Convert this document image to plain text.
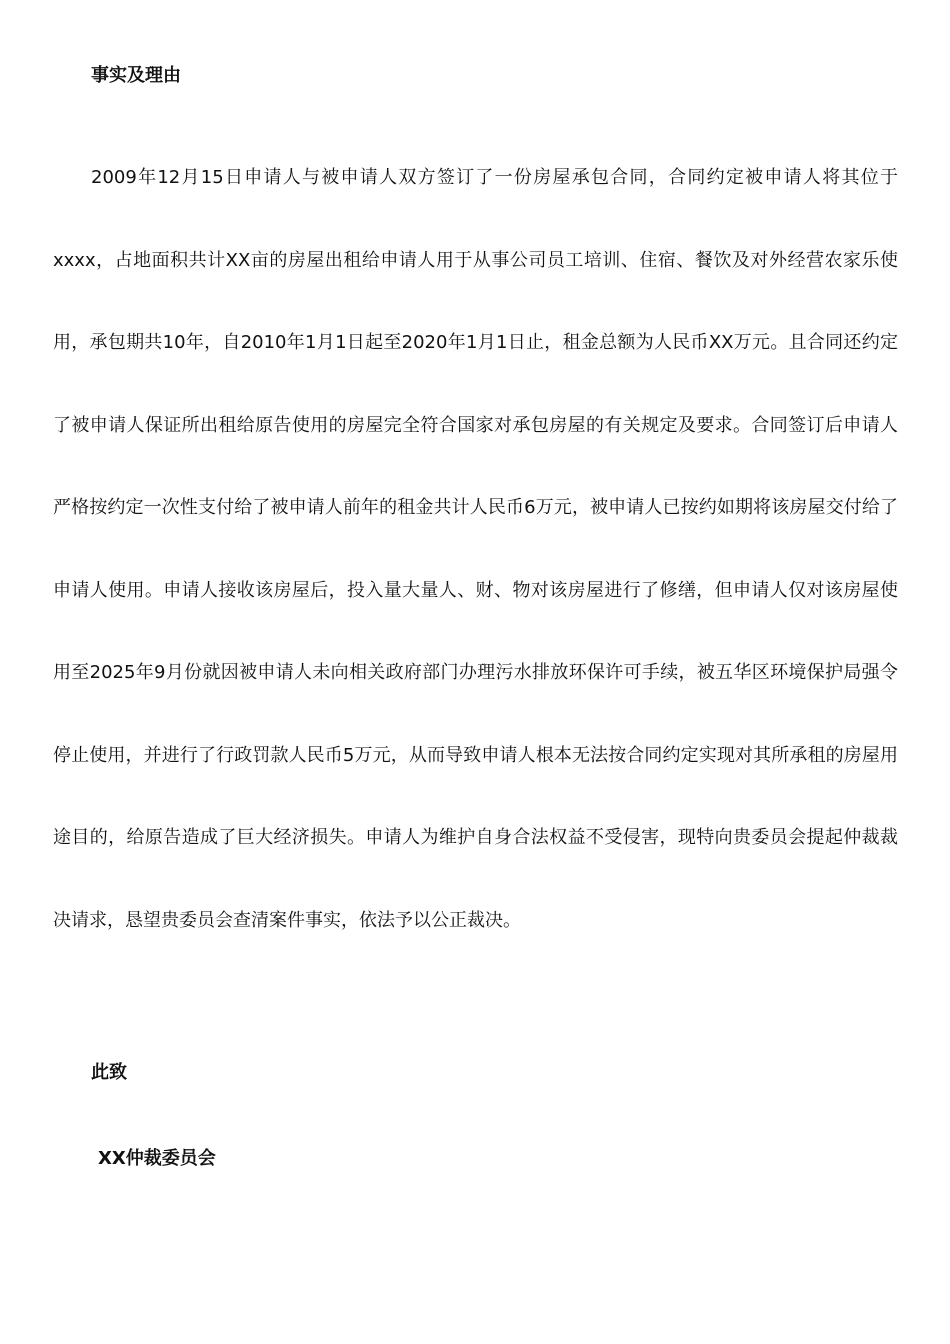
事实及理由

2009年12月15日申请人与被申请人双方签订了一份房屋承包合同，合同约定被申请人将其位于xxxx，占地面积共计XX亩的房屋出租给申请人用于从事公司员工培训、住宿、餐饮及对外经营农家乐使用，承包期共10年，自2010年1月1日起至2020年1月1日止，租金总额为人民币XX万元。且合同还约定了被申请人保证所出租给原告使用的房屋完全符合国家对承包房屋的有关规定及要求。合同签订后申请人严格按约定一次性支付给了被申请人前年的租金共计人民币6万元，被申请人已按约如期将该房屋交付给了申请人使用。申请人接收该房屋后，投入量大量人、财、物对该房屋进行了修缮，但申请人仅对该房屋使用至2025年9月份就因被申请人未向相关政府部门办理污水排放环保许可手续，被五华区环境保护局强令停止使用，并进行了行政罚款人民币5万元，从而导致申请人根本无法按合同约定实现对其所承租的房屋用途目的，给原告造成了巨大经济损失。申请人为维护自身合法权益不受侵害，现特向贵委员会提起仲裁裁决请求，恳望贵委员会查清案件事实，依法予以公正裁决。

此致
XX仲裁委员会
